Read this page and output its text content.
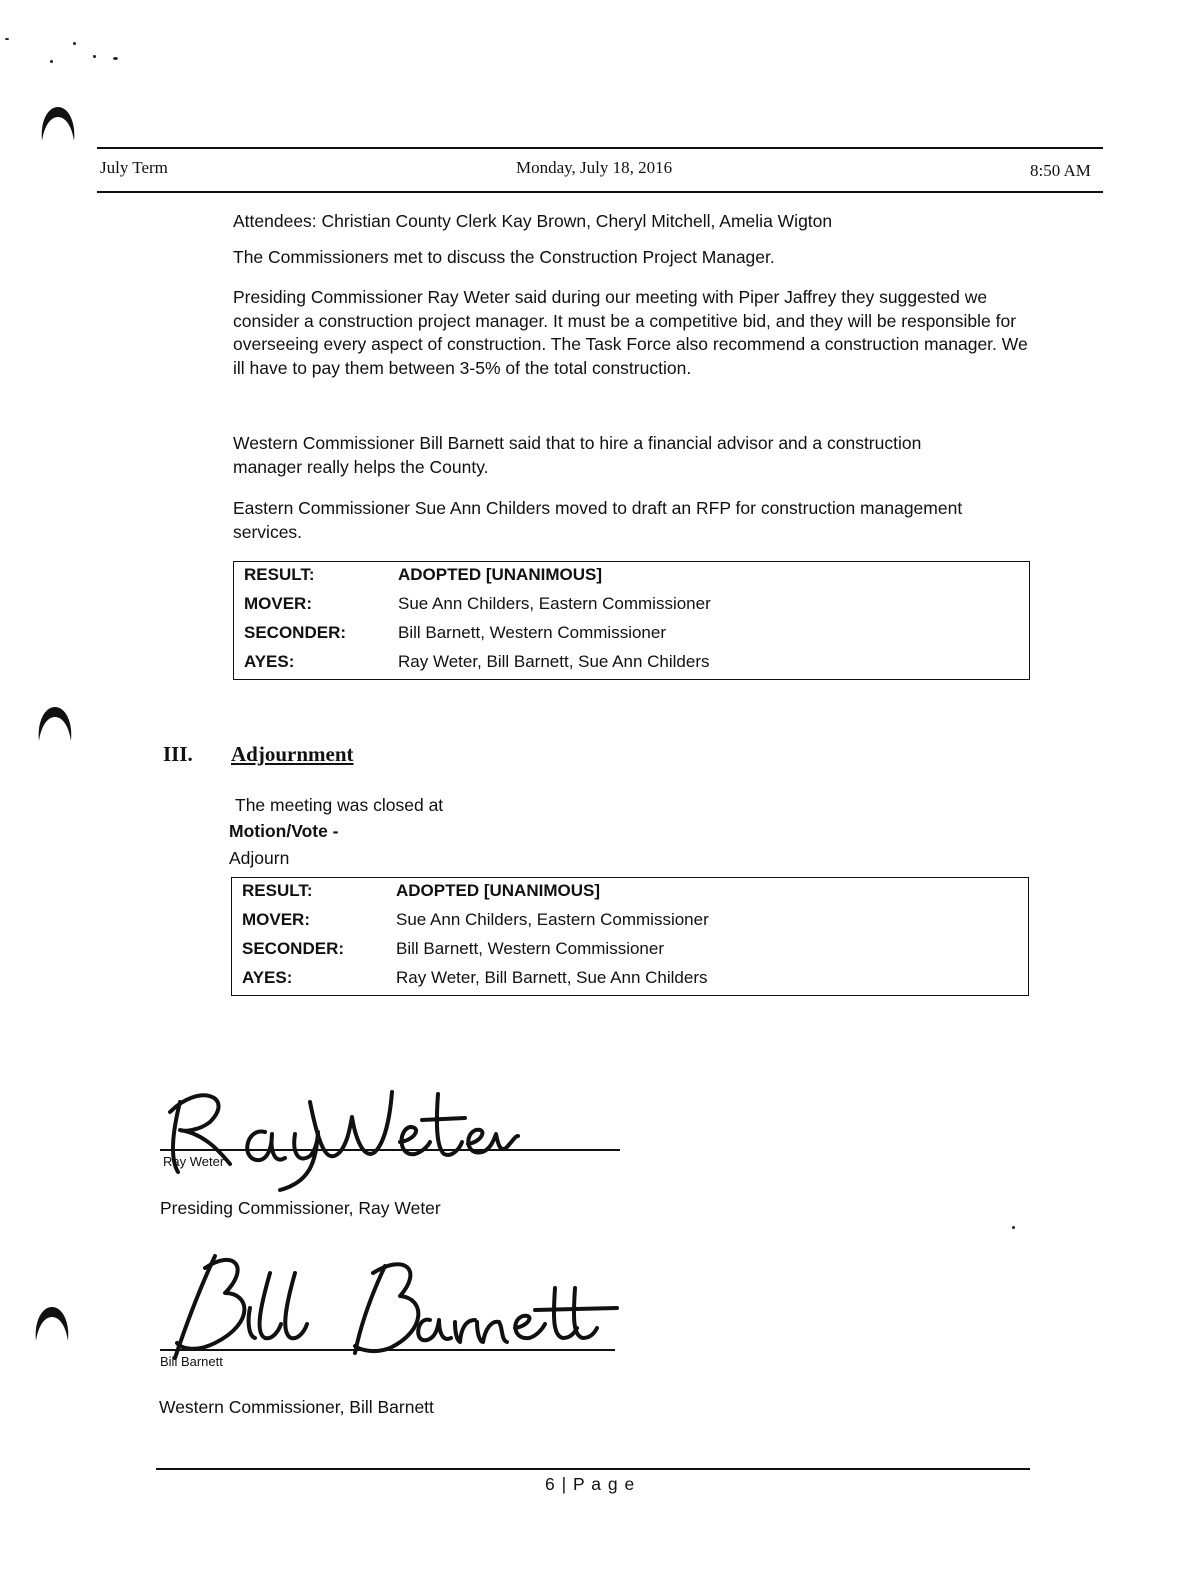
July Term	Monday, July 18, 2016	8:50 AM
Attendees: Christian County Clerk Kay Brown, Cheryl Mitchell, Amelia Wigton
The Commissioners met to discuss the Construction Project Manager.
Presiding Commissioner Ray Weter said during our meeting with Piper Jaffrey they suggested we consider a construction project manager. It must be a competitive bid, and they will be responsible for overseeing every aspect of construction. The Task Force also recommend a construction manager. We ill have to pay them between 3-5% of the total construction.
Western Commissioner Bill Barnett said that to hire a financial advisor and a construction manager really helps the County.
Eastern Commissioner Sue Ann Childers moved to draft an RFP for construction management services.
RESULT:	ADOPTED [UNANIMOUS]
MOVER:	Sue Ann Childers, Eastern Commissioner
SECONDER:	Bill Barnett, Western Commissioner
AYES:	Ray Weter, Bill Barnett, Sue Ann Childers
III. Adjournment
The meeting was closed at
Motion/Vote -
Adjourn
RESULT:	ADOPTED [UNANIMOUS]
MOVER:	Sue Ann Childers, Eastern Commissioner
SECONDER:	Bill Barnett, Western Commissioner
AYES:	Ray Weter, Bill Barnett, Sue Ann Childers
Ray Weter
Presiding Commissioner, Ray Weter
Bill Barnett
Western Commissioner, Bill Barnett
6 | P a g e
